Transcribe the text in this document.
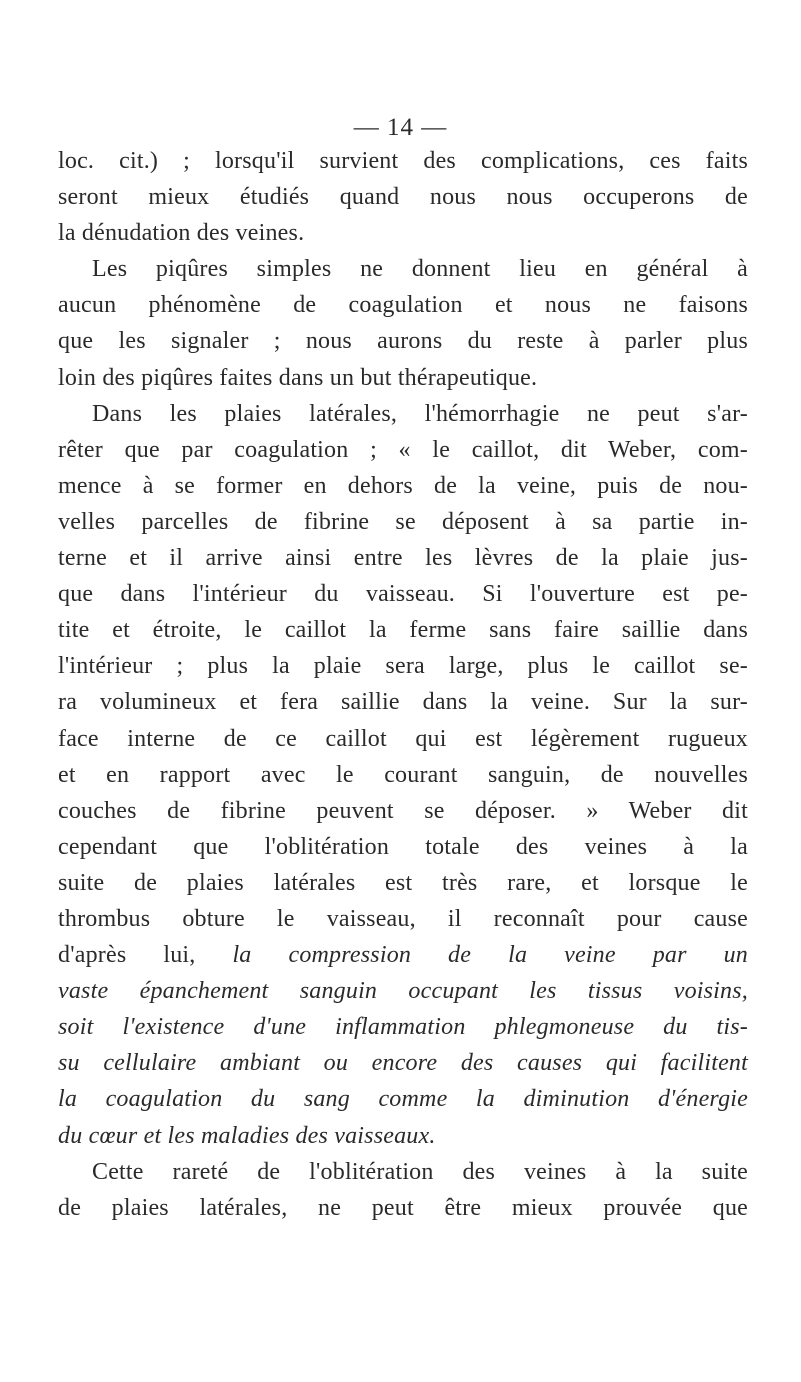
— 14 —
loc. cit.) ; lorsqu'il survient des complications, ces faits
seront mieux étudiés quand nous nous occuperons de
la dénudation des veines.
Les piqûres simples ne donnent lieu en général à
aucun phénomène de coagulation et nous ne faisons
que les signaler ; nous aurons du reste à parler plus
loin des piqûres faites dans un but thérapeutique.
Dans les plaies latérales, l'hémorrhagie ne peut s'ar-
rêter que par coagulation ; « le caillot, dit Weber, com-
mence à se former en dehors de la veine, puis de nou-
velles parcelles de fibrine se déposent à sa partie in-
terne et il arrive ainsi entre les lèvres de la plaie jus-
que dans l'intérieur du vaisseau. Si l'ouverture est pe-
tite et étroite, le caillot la ferme sans faire saillie dans
l'intérieur ; plus la plaie sera large, plus le caillot se-
ra volumineux et fera saillie dans la veine. Sur la sur-
face interne de ce caillot qui est légèrement rugueux
et en rapport avec le courant sanguin, de nouvelles
couches de fibrine peuvent se déposer. » Weber dit
cependant que l'oblitération totale des veines à la
suite de plaies latérales est très rare, et lorsque le
thrombus obture le vaisseau, il reconnaît pour cause
d'après lui, la compression de la veine par un
vaste épanchement sanguin occupant les tissus voisins,
soit l'existence d'une inflammation phlegmoneuse du tis-
su cellulaire ambiant ou encore des causes qui facilitent
la coagulation du sang comme la diminution d'énergie
du cœur et les maladies des vaisseaux.
Cette rareté de l'oblitération des veines à la suite
de plaies latérales, ne peut être mieux prouvée que
